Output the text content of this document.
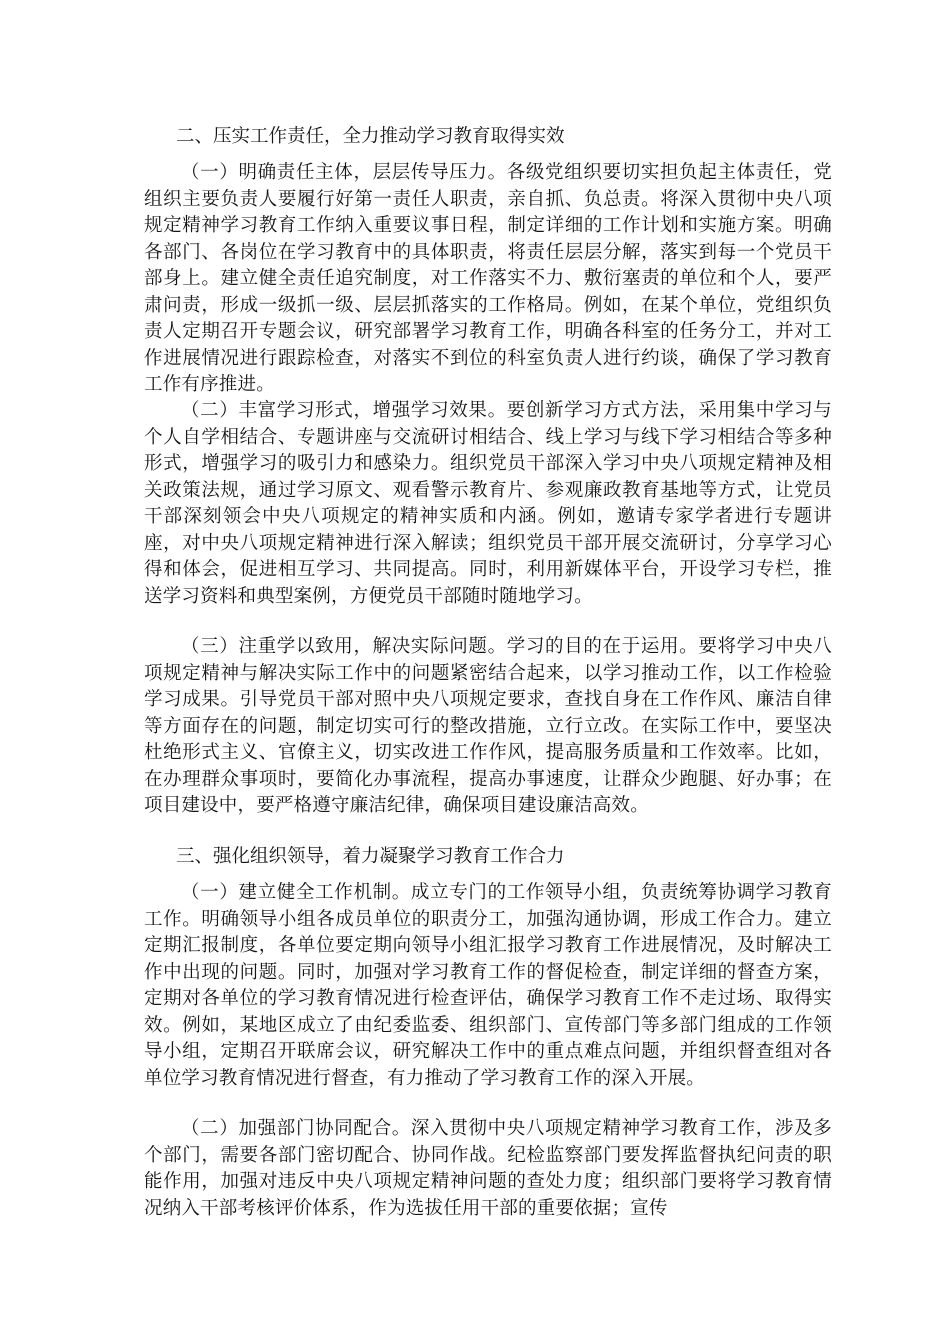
二、压实工作责任，全力推动学习教育取得实效
（一）明确责任主体，层层传导压力。各级党组织要切实担负起主体责任，党组织主要负责人要履行好第一责任人职责，亲自抓、负总责。将深入贯彻中央八项规定精神学习教育工作纳入重要议事日程，制定详细的工作计划和实施方案。明确各部门、各岗位在学习教育中的具体职责，将责任层层分解，落实到每一个党员干部身上。建立健全责任追究制度，对工作落实不力、敷衍塞责的单位和个人，要严肃问责，形成一级抓一级、层层抓落实的工作格局。例如，在某个单位，党组织负责人定期召开专题会议，研究部署学习教育工作，明确各科室的任务分工，并对工作进展情况进行跟踪检查，对落实不到位的科室负责人进行约谈，确保了学习教育工作有序推进。
（二）丰富学习形式，增强学习效果。要创新学习方式方法，采用集中学习与个人自学相结合、专题讲座与交流研讨相结合、线上学习与线下学习相结合等多种形式，增强学习的吸引力和感染力。组织党员干部深入学习中央八项规定精神及相关政策法规，通过学习原文、观看警示教育片、参观廉政教育基地等方式，让党员干部深刻领会中央八项规定的精神实质和内涵。例如，邀请专家学者进行专题讲座，对中央八项规定精神进行深入解读；组织党员干部开展交流研讨，分享学习心得和体会，促进相互学习、共同提高。同时，利用新媒体平台，开设学习专栏，推送学习资料和典型案例，方便党员干部随时随地学习。
（三）注重学以致用，解决实际问题。学习的目的在于运用。要将学习中央八项规定精神与解决实际工作中的问题紧密结合起来，以学习推动工作，以工作检验学习成果。引导党员干部对照中央八项规定要求，查找自身在工作作风、廉洁自律等方面存在的问题，制定切实可行的整改措施，立行立改。在实际工作中，要坚决杜绝形式主义、官僚主义，切实改进工作作风，提高服务质量和工作效率。比如，在办理群众事项时，要简化办事流程，提高办事速度，让群众少跑腿、好办事；在项目建设中，要严格遵守廉洁纪律，确保项目建设廉洁高效。
三、强化组织领导，着力凝聚学习教育工作合力
（一）建立健全工作机制。成立专门的工作领导小组，负责统筹协调学习教育工作。明确领导小组各成员单位的职责分工，加强沟通协调，形成工作合力。建立定期汇报制度，各单位要定期向领导小组汇报学习教育工作进展情况，及时解决工作中出现的问题。同时，加强对学习教育工作的督促检查，制定详细的督查方案，定期对各单位的学习教育情况进行检查评估，确保学习教育工作不走过场、取得实效。例如，某地区成立了由纪委监委、组织部门、宣传部门等多部门组成的工作领导小组，定期召开联席会议，研究解决工作中的重点难点问题，并组织督查组对各单位学习教育情况进行督查，有力推动了学习教育工作的深入开展。
（二）加强部门协同配合。深入贯彻中央八项规定精神学习教育工作，涉及多个部门，需要各部门密切配合、协同作战。纪检监察部门要发挥监督执纪问责的职能作用，加强对违反中央八项规定精神问题的查处力度；组织部门要将学习教育情况纳入干部考核评价体系，作为选拔任用干部的重要依据；宣传
